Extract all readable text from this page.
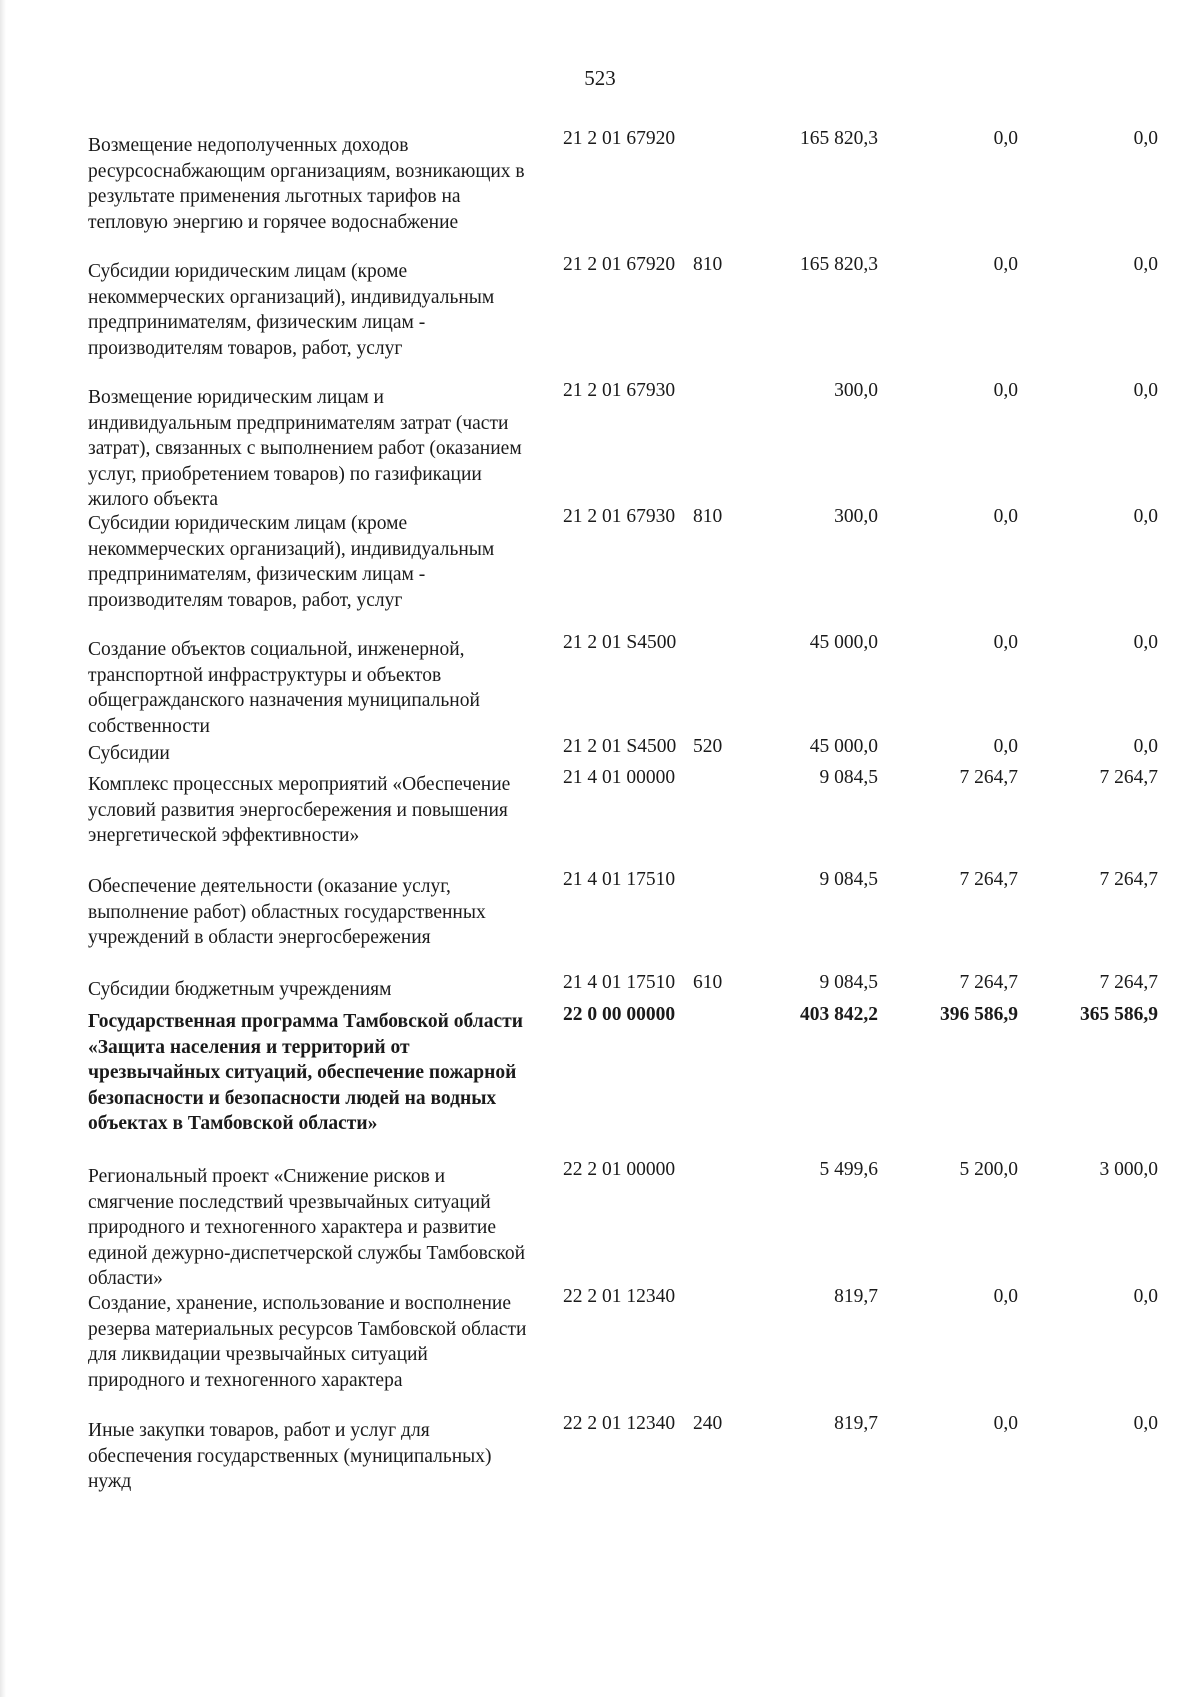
523
Возмещение недополученных доходов ресурсоснабжающим организациям, возникающих в результате применения льготных тарифов на тепловую энергию и горячее водоснабжение
21 2 01 67920	165 820,3	0,0	0,0
Субсидии юридическим лицам (кроме некоммерческих организаций), индивидуальным предпринимателям, физическим лицам - производителям товаров, работ, услуг
21 2 01 67920 810	165 820,3	0,0	0,0
Возмещение юридическим лицам и индивидуальным предпринимателям затрат (части затрат), связанных с выполнением работ (оказанием услуг, приобретением товаров) по газификации жилого объекта
21 2 01 67930	300,0	0,0	0,0
Субсидии юридическим лицам (кроме некоммерческих организаций), индивидуальным предпринимателям, физическим лицам - производителям товаров, работ, услуг
21 2 01 67930 810	300,0	0,0	0,0
Создание объектов социальной, инженерной, транспортной инфраструктуры и объектов общегражданского назначения муниципальной собственности
21 2 01 S4500	45 000,0	0,0	0,0
Субсидии	21 2 01 S4500 520	45 000,0	0,0	0,0
Комплекс процессных мероприятий «Обеспечение условий развития энергосбережения и повышения энергетической эффективности»
21 4 01 00000	9 084,5	7 264,7	7 264,7
Обеспечение деятельности (оказание услуг, выполнение работ) областных государственных учреждений в области энергосбережения
21 4 01 17510	9 084,5	7 264,7	7 264,7
Субсидии бюджетным учреждениям	21 4 01 17510 610	9 084,5	7 264,7	7 264,7
Государственная программа Тамбовской области «Защита населения и территорий от чрезвычайных ситуаций, обеспечение пожарной безопасности и безопасности людей на водных объектах в Тамбовской области»
22 0 00 00000	403 842,2	396 586,9	365 586,9
Региональный проект «Снижение рисков и смягчение последствий чрезвычайных ситуаций природного и техногенного характера и развитие единой дежурно-диспетчерской службы Тамбовской области»
22 2 01 00000	5 499,6	5 200,0	3 000,0
Создание, хранение, использование и восполнение резерва материальных ресурсов Тамбовской области для ликвидации чрезвычайных ситуаций природного и техногенного характера
22 2 01 12340	819,7	0,0	0,0
Иные закупки товаров, работ и услуг для обеспечения государственных (муниципальных) нужд
22 2 01 12340 240	819,7	0,0	0,0
